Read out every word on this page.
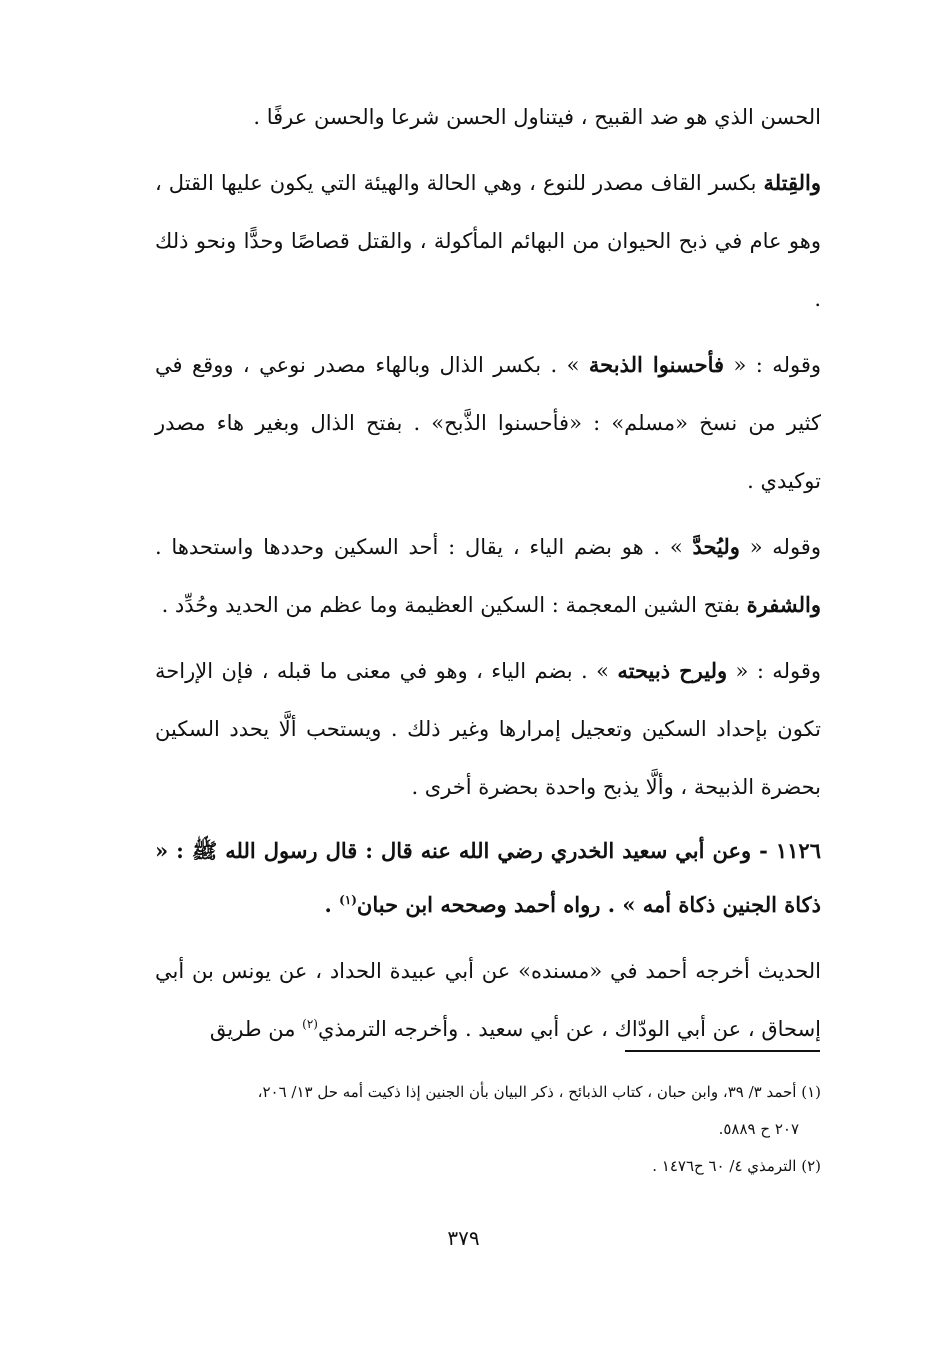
الحسن الذي هو ضد القبيح ، فيتناول الحسن شرعا والحسن عرفًا .

والقِتلة بكسر القاف مصدر للنوع ، وهي الحالة والهيئة التي يكون عليها القتل ، وهو عام في ذبح الحيوان من البهائم المأكولة ، والقتل قصاصًا وحدًّا ونحو ذلك .

وقوله : « فأحسنوا الذبحة » . بكسر الذال وبالهاء مصدر نوعي ، ووقع في كثير من نسخ «مسلم» : «فأحسنوا الذَّبح» . بفتح الذال وبغير هاء مصدر توكيدي .

وقوله « وليُحدَّ » . هو بضم الياء ، يقال : أحد السكين وحددها واستحدها . والشفرة بفتح الشين المعجمة : السكين العظيمة وما عظم من الحديد وحُدِّد .

وقوله : « وليرح ذبيحته » . بضم الياء ، وهو في معنى ما قبله ، فإن الإراحة تكون بإحداد السكين وتعجيل إمرارها وغير ذلك . ويستحب ألَّا يحدد السكين بحضرة الذبيحة ، وألَّا يذبح واحدة بحضرة أخرى .

١١٢٦ - وعن أبي سعيد الخدري رضي الله عنه قال : قال رسول الله ﷺ : « ذكاة الجنين ذكاة أمه » . رواه أحمد وصححه ابن حبان$^{(١)}$ .

الحديث أخرجه أحمد في «مسنده» عن أبي عبيدة الحداد ، عن يونس بن أبي إسحاق ، عن أبي الودّاك ، عن أبي سعيد . وأخرجه الترمذي$^{(٢)}$ من طريق

(١) أحمد ٣/ ٣٩، وابن حبان ، كتاب الذبائح ، ذكر البيان بأن الجنين إذا ذكيت أمه حل ١٣/ ٢٠٦،

٢٠٧ ح ٥٨٨٩.

(٢) الترمذي ٤/ ٦٠ ح١٤٧٦ .

٣٧٩
